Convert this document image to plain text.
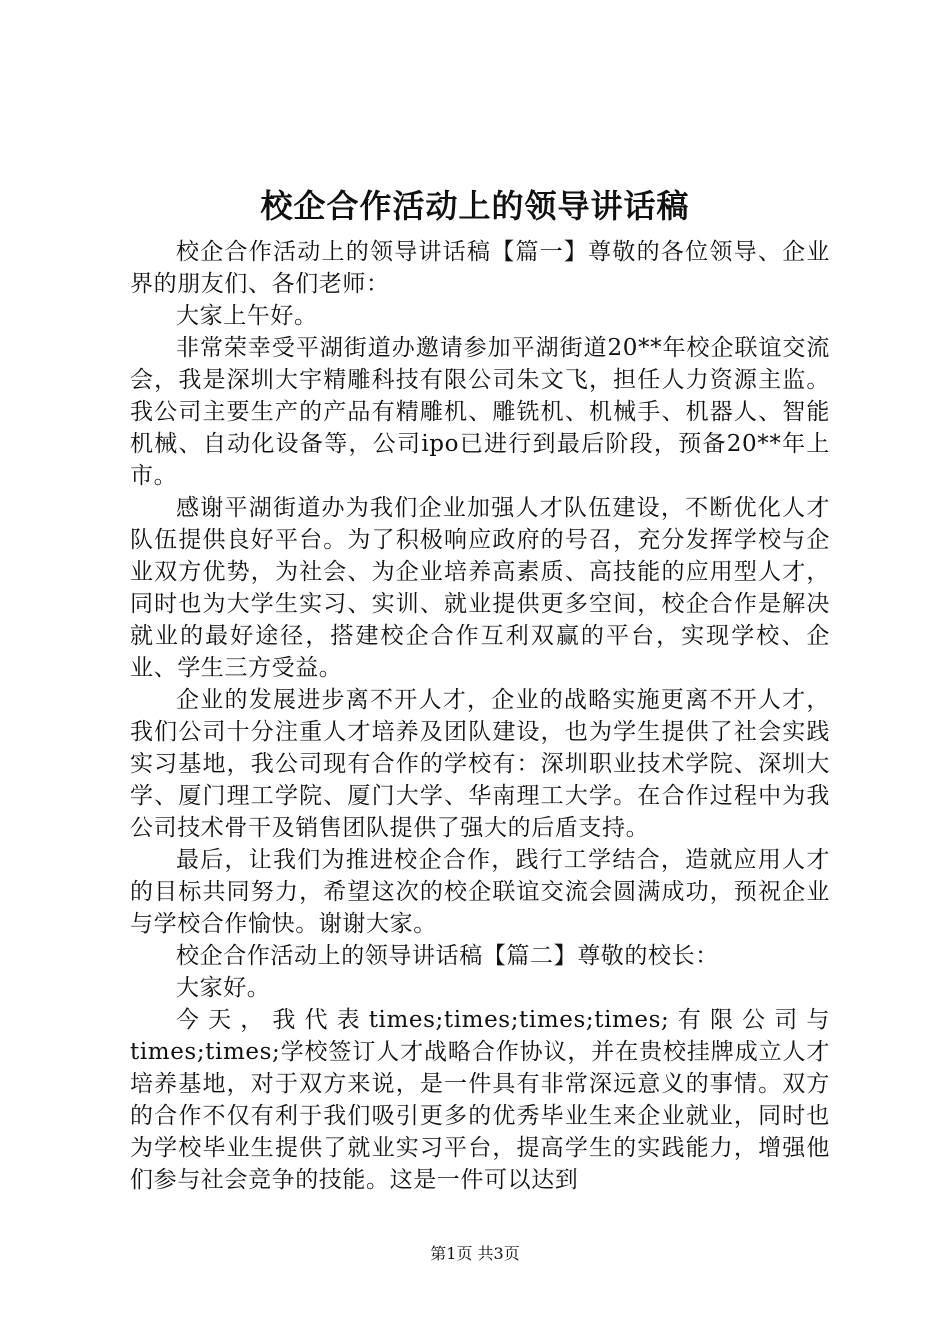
校企合作活动上的领导讲话稿

校企合作活动上的领导讲话稿【篇一】尊敬的各位领导、企业界的朋友们、各们老师：

大家上午好。

非常荣幸受平湖街道办邀请参加平湖街道20**年校企联谊交流会，我是深圳大宇精雕科技有限公司朱文飞，担任人力资源主监。我公司主要生产的产品有精雕机、雕铣机、机械手、机器人、智能机械、自动化设备等，公司ipo已进行到最后阶段，预备20**年上市。

感谢平湖街道办为我们企业加强人才队伍建设，不断优化人才队伍提供良好平台。为了积极响应政府的号召，充分发挥学校与企业双方优势，为社会、为企业培养高素质、高技能的应用型人才，同时也为大学生实习、实训、就业提供更多空间，校企合作是解决就业的最好途径，搭建校企合作互利双赢的平台，实现学校、企业、学生三方受益。

企业的发展进步离不开人才，企业的战略实施更离不开人才，我们公司十分注重人才培养及团队建设，也为学生提供了社会实践实习基地，我公司现有合作的学校有：深圳职业技术学院、深圳大学、厦门理工学院、厦门大学、华南理工大学。在合作过程中为我公司技术骨干及销售团队提供了强大的后盾支持。

最后，让我们为推进校企合作，践行工学结合，造就应用人才的目标共同努力，希望这次的校企联谊交流会圆满成功，预祝企业与学校合作愉快。谢谢大家。

校企合作活动上的领导讲话稿【篇二】尊敬的校长：

大家好。

今天，我代表times;times;times;times;有限公司与times;times;学校签订人才战略合作协议，并在贵校挂牌成立人才培养基地，对于双方来说，是一件具有非常深远意义的事情。双方的合作不仅有利于我们吸引更多的优秀毕业生来企业就业，同时也为学校毕业生提供了就业实习平台，提高学生的实践能力，增强他们参与社会竞争的技能。这是一件可以达到

第1页 共3页
